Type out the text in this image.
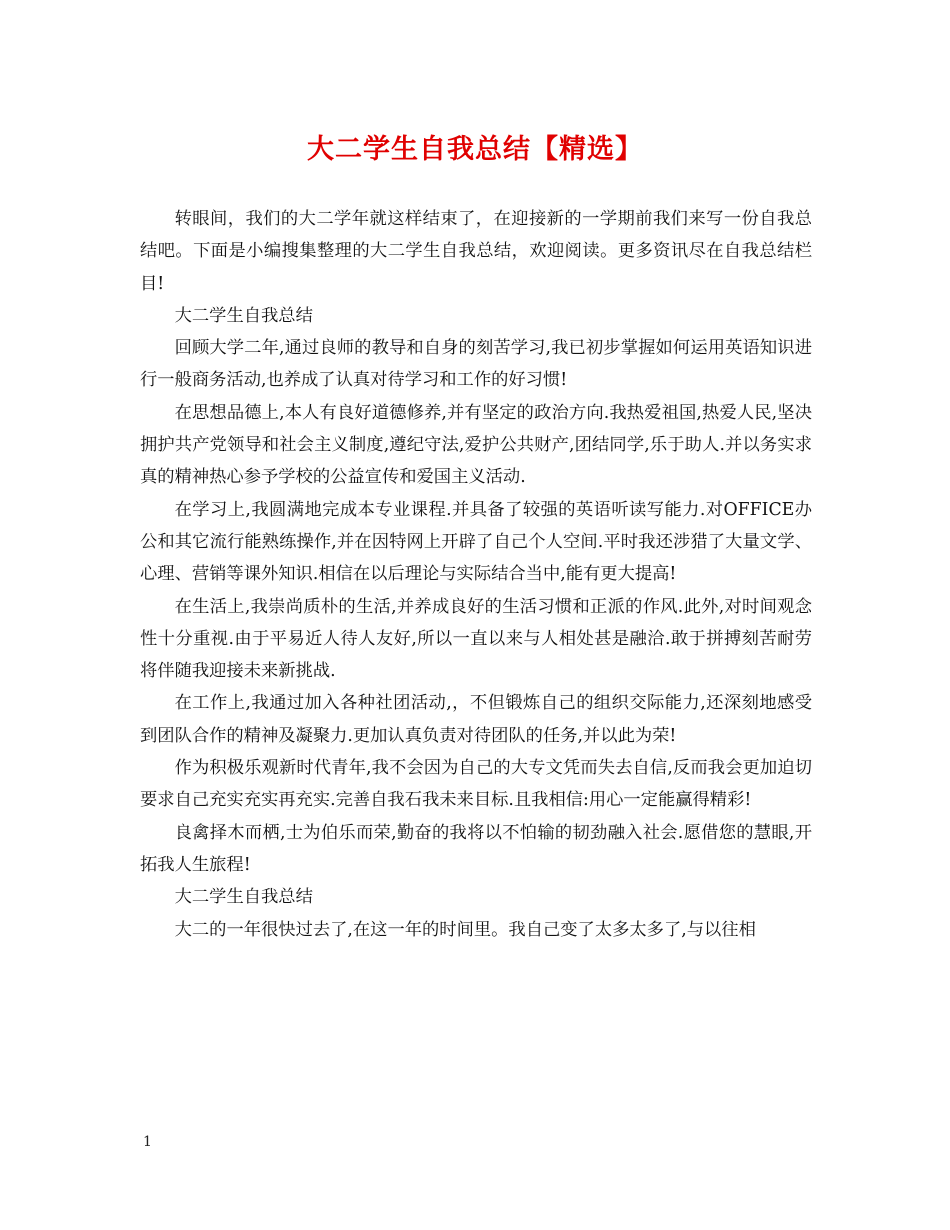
大二学生自我总结【精选】

转眼间，我们的大二学年就这样结束了，在迎接新的一学期前我们来写一份自我总结吧。下面是小编搜集整理的大二学生自我总结，欢迎阅读。更多资讯尽在自我总结栏目!

大二学生自我总结

回顾大学二年,通过良师的教导和自身的刻苦学习,我已初步掌握如何运用英语知识进行一般商务活动,也养成了认真对待学习和工作的好习惯!

在思想品德上,本人有良好道德修养,并有坚定的政治方向.我热爱祖国,热爱人民,坚决拥护共产党领导和社会主义制度,遵纪守法,爱护公共财产,团结同学,乐于助人.并以务实求真的精神热心参予学校的公益宣传和爱国主义活动.

在学习上,我圆满地完成本专业课程.并具备了较强的英语听读写能力.对OFFICE办公和其它流行能熟练操作,并在因特网上开辟了自己个人空间.平时我还涉猎了大量文学、心理、营销等课外知识.相信在以后理论与实际结合当中,能有更大提高!

在生活上,我崇尚质朴的生活,并养成良好的生活习惯和正派的作风.此外,对时间观念性十分重视.由于平易近人待人友好,所以一直以来与人相处甚是融洽.敢于拼搏刻苦耐劳将伴随我迎接未来新挑战.

在工作上,我通过加入各种社团活动,，不但锻炼自己的组织交际能力,还深刻地感受到团队合作的精神及凝聚力.更加认真负责对待团队的任务,并以此为荣!

作为积极乐观新时代青年,我不会因为自己的大专文凭而失去自信,反而我会更加迫切要求自己充实充实再充实.完善自我石我未来目标.且我相信:用心一定能赢得精彩!

良禽择木而栖,士为伯乐而荣,勤奋的我将以不怕输的韧劲融入社会.愿借您的慧眼,开拓我人生旅程!

大二学生自我总结

大二的一年很快过去了,在这一年的时间里。我自己变了太多太多了,与以往相

1
